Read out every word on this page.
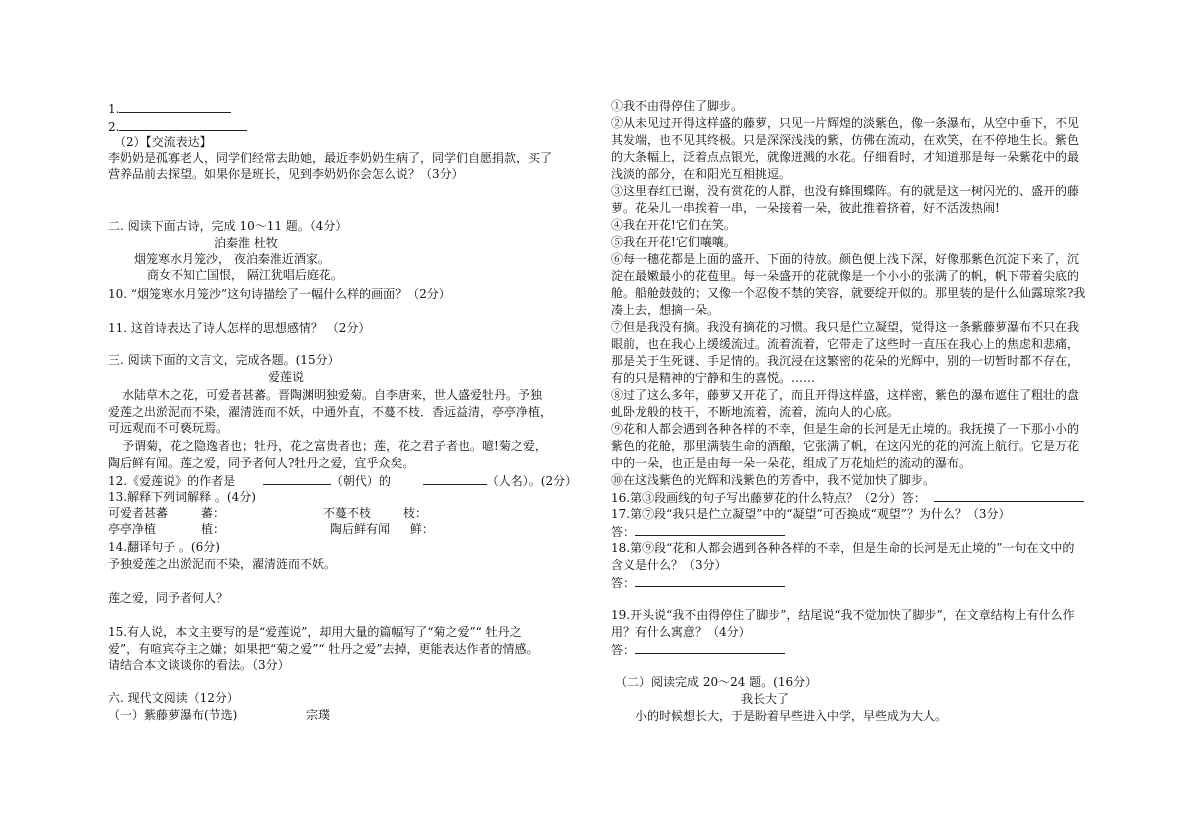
1.
2.
（2）【交流表达】
李奶奶是孤寡老人，同学们经常去助她，最近李奶奶生病了，同学们自愿捐款，买了
营养品前去探望。如果你是班长，见到李奶奶你会怎么说？（3分）
二. 阅读下面古诗，完成 10～11 题。（4分）
泊秦淮 杜牧
烟笼寒水月笼沙， 夜泊秦淮近酒家。
商女不知亡国恨， 隔江犹唱后庭花。
10. “烟笼寒水月笼沙”这句诗描绘了一幅什么样的画面？（2分）
11. 这首诗表达了诗人怎样的思想感情？ （2分）
三. 阅读下面的文言文，完成各题。(15分）
爱莲说
水陆草木之花，可爱者甚蕃。晋陶渊明独爱菊。自李唐来，世人盛爱牡丹。予独
爱莲之出淤泥而不染，濯清涟而不妖，中通外直，不蔓不枝．香远益清，亭亭净植，
可远观而不可亵玩焉。
予谓菊，花之隐逸者也；牡丹，花之富贵者也；莲，花之君子者也。噫!菊之爱，
陶后鲜有闻。莲之爱，同予者何人?牡丹之爱，宜乎众矣。
12.《爱莲说》的作者是	（朝代）的	（人名）。(2分）
13.解释下列词解释 。(4分)
可爱者甚蕃	蕃：	不蔓不枝	枝：
亭亭净植	植：	陶后鲜有闻 鲜：
14.翻译句子 。(6分)
予独爱莲之出淤泥而不染，濯清涟而不妖。
莲之爱，同予者何人？
15.有人说，本文主要写的是“爱莲说”，却用大量的篇幅写了“菊之爱”“ 牡丹之
爱”，有喧宾夺主之嫌；如果把“菊之爱”“ 牡丹之爱”去掉，更能表达作者的情感。
请结合本文谈谈你的看法。（3分）
六. 现代文阅读（12分）
（一）紫藤萝瀑布(节选)	宗璞
①我不由得停住了脚步。
②从未见过开得这样盛的藤萝，只见一片辉煌的淡紫色，像一条瀑布，从空中垂下，不见
其发端，也不见其终极。只是深深浅浅的紫，仿佛在流动，在欢笑，在不停地生长。紫色
的大条幅上，泛着点点银光，就像迸溅的水花。仔细看时，才知道那是每一朵紫花中的最
浅淡的部分，在和阳光互相挑逗。
③这里春红已谢，没有赏花的人群，也没有蜂围蝶阵。有的就是这一树闪光的、盛开的藤
萝。花朵儿一串挨着一串，一朵接着一朵，彼此推着挤着，好不活泼热闹!
④我在开花!它们在笑。
⑤我在开花!它们嚷嚷。
⑥每一穗花都是上面的盛开、下面的待放。颜色便上浅下深，好像那紫色沉淀下来了，沉
淀在最嫩最小的花苞里。每一朵盛开的花就像是一个小小的张满了的帆，帆下带着尖底的
舱。船舱鼓鼓的；又像一个忍俊不禁的笑容，就要绽开似的。那里装的是什么仙露琼浆?我
凑上去，想摘一朵。
⑦但是我没有摘。我没有摘花的习惯。我只是伫立凝望，觉得这一条紫藤萝瀑布不只在我
眼前，也在我心上缓缓流过。流着流着，它带走了这些时一直压在我心上的焦虑和悲痛，
那是关于生死谜、手足情的。我沉浸在这繁密的花朵的光辉中，别的一切暂时都不存在，
有的只是精神的宁静和生的喜悦。……
⑧过了这么多年，藤萝又开花了，而且开得这样盛，这样密，紫色的瀑布遮住了粗壮的盘
虬卧龙般的枝干，不断地流着，流着，流向人的心底。
⑨花和人都会遇到各种各样的不幸，但是生命的长河是无止境的。我抚摸了一下那小小的
紫色的花舱，那里满装生命的酒酿，它张满了帆，在这闪光的花的河流上航行。它是万花
中的一朵，也正是由每一朵一朵花，组成了万花灿烂的流动的瀑布。
⑩在这浅紫色的光辉和浅紫色的芳香中，我不觉加快了脚步。
16.第③段画线的句子写出藤萝花的什么特点？（2分）答：
17.第⑦段“我只是伫立凝望”中的“凝望”可否换成“观望”？为什么？（3分）
答：
18.第⑨段“花和人都会遇到各种各样的不幸，但是生命的长河是无止境的”一句在文中的
含义是什么？（3分）
答：
19.开头说“我不由得停住了脚步”，结尾说“我不觉加快了脚步”，在文章结构上有什么作
用？有什么寓意？（4分）
答：
（二）阅读完成 20～24 题。(16分）
我长大了
小的时候想长大，于是盼着早些进入中学，早些成为大人。
